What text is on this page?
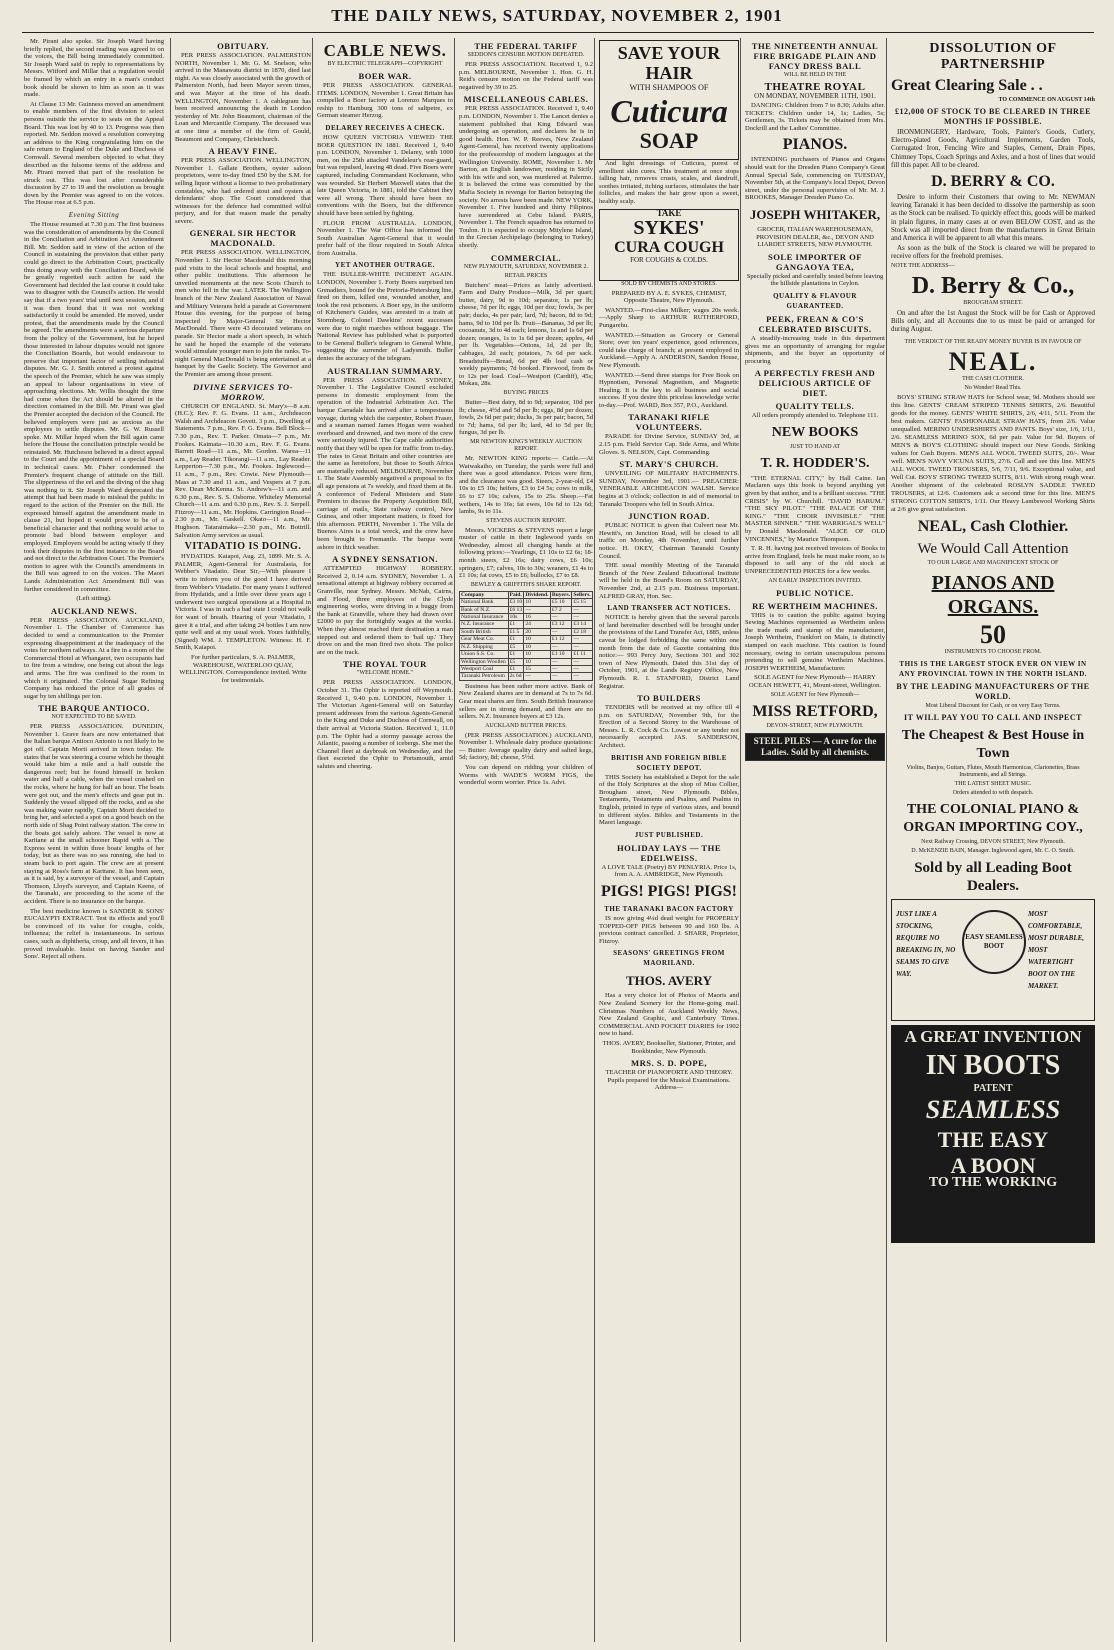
THE DAILY NEWS, SATURDAY, NOVEMBER 2, 1901

Mr. Pirani also spoke. Sir Joseph Ward having briefly replied, the second reading was agreed to on the voices, the Bill being immediately committed. Sir Joseph Ward said in reply to representations by Messrs. Witford and Millar that a regulation would be framed by which an entry in a man's conduct book should be shown to him as soon as it was made.

At Clause 13 Mr. Guinness moved an amendment to enable members of the first division to select persons outside the service to seats on the Appeal Board. This was lost by 40 to 13. Progress was then reported. Mr. Seddon moved a resolution conveying an address to the King congratulating him on the safe return to England of the Duke and Duchess of Cornwall. Several members objected to what they described as the fulsome terms of the address and Mr. Pirani moved that part of the resolution be struck out. This was lost after considerable discussion by 27 to 19 and the resolution as brought down by the Premier was agreed to on the voices. The House rose at 6.5 p.m.

Evening Sitting

The House resumed at 7.30 p.m. The first business was the consideration of amendments by the Council in the Conciliation and Arbitration Act Amendment Bill. Mr. Seddon said in view of the action of the Council in sustaining the provision that either party could go direct to the Arbitration Court, practically thus doing away with the Conciliation Board, while he greatly regretted such action he said the Government had decided the last course it could take was to disagree with the Council's action. He would say that if a two years' trial until next session, and if it was then found that it was not working satisfactorily it could be amended. He moved, under protest, that the amendments made by the Council be agreed. The amendments were a serious departure from the policy of the Government, but he hoped those interested in labour disputes would not ignore the Conciliation Boards, but would endeavour to preserve that important factor of settling industrial disputes. Mr. G. J. Smith entered a protest against the speech of the Premier, which he saw was simply an appeal to labour organisations in view of approaching elections. Mr. Willis thought the time had come when the Act should be altered in the direction contained in the Bill. Mr. Pirani was glad the Premier accepted the decision of the Council. He believed employers were just as anxious as the employees to settle disputes. Mr. G. W. Russell spoke. Mr. Millar hoped when the Bill again came before the House the conciliation principle would be reinstated. Mr. Hutcheson believed in a direct appeal to the Court and the appointment of a special Board in technical cases. Mr. Fisher condemned the Premier's frequent change of attitude on the Bill. The slipperiness of the eel and the diving of the shag was nothing to it. Sir Joseph Ward deprecated the attempt that had been made to mislead the public in regard to the action of the Premier on the Bill. He expressed himself against the amendment made in clause 21, but hoped it would prove to be of a beneficial character and that nothing would arise to promote bad blood between employer and employed. Employers would be acting wisely if they took their disputes in the first instance to the Board and not direct to the Arbitration Court. The Premier's motion to agree with the Council's amendments in the Bill was agreed to on the voices. The Maori Lands Administration Act Amendment Bill was further considered in committee.

(Left sitting).

AUCKLAND NEWS.

PER PRESS ASSOCIATION. AUCKLAND, November 1. The Chamber of Commerce has decided to send a communication to the Premier expressing disappointment at the inadequacy of the votes for northern railways. At a fire in a room of the Commercial Hotel at Whangarei, two occupants had to fire from a window, one being cut about the legs and arms. The fire was confined to the room in which it originated. The Colonial Sugar Refining Company has reduced the price of all grades of sugar by ten shillings per ton.

THE BARQUE ANTIOCO.
NOT EXPECTED TO BE SAVED.

PER PRESS ASSOCIATION. DUNEDIN, November 1. Grave fears are now entertained that the Italian barque Antioco Antonio is not likely to be got off. Captain Morti arrived in town today. He states that he was steering a course which he thought would take him a mile and a half outside the dangerous reef; but he found himself in broken water and half a cable, when the vessel crashed on the rocks, where he hung for half an hour. The boats were got out, and the men's effects and gear put in. Suddenly the vessel slipped off the rocks, and as she was making water rapidly, Captain Morti decided to bring her, and selected a spot on a good beach on the north side of Shag Point railway station. The crew in the boats got safely ashore. The vessel is now at Karitane at the small schooner Rapid with a. The Express went in within three boats' lengths of her today, but as there was no sea running, she had to steam back to port again. The crew are at present staying at Ross's farm at Karitane. It has been seen, as it is said, by a surveyor of the vessel, and Captain Thomson, Lloyd's surveyor, and Captain Keene, of the Taranaki, are proceeding to the scene of the accident. There is no insurance on the barque.

The best medicine known is SANDER & SONS' EUCALYPTI EXTRACT. Test its effects and you'll be convinced of its value for coughs, colds, influenza; the relief is instantaneous. In serious cases, such as diphtheria, croup, and all fevers, it has proved invaluable. Insist on having Sander and Sons'. Reject all others.

OBITUARY.

PER PRESS ASSOCIATION. PALMERSTON NORTH, November 1. Mr. G. M. Snelson, who arrived in the Manawatu district in 1870, died last night. As was closely associated with the growth of Palmerston North, had been Mayor seven times, and was Mayor at the time of his death. WELLINGTON, November 1. A cablegram has been received announcing the death in London yesterday of Mr. John Beaumont, chairman of the Loan and Mercantile Company. The deceased was at one time a member of the firm of Gould, Beaumont and Company, Christchurch.

A HEAVY FINE.

PER PRESS ASSOCIATION. WELLINGTON, November 1. Gallate Brothers, oyster saloon proprietors, were to-day fined £50 by the S.M. for selling liquor without a license to two probationary constables, who had ordered stout and oysters at defendants' shop. The Court considered that witnesses for the defence had committed wilful perjury, and for that reason made the penalty severe.

GENERAL SIR HECTOR MACDONALD.

PER PRESS ASSOCIATION. WELLINGTON, November 1. Sir Hector Macdonald this morning paid visits to the local schools and hospital, and other public institutions. This afternoon he unveiled monuments at the new Scots Church to men who fell in the war. LATER. The Wellington branch of the New Zealand Association of Naval and Military Veterans held a parade at Government House this evening, for the purpose of being inspected by Major-General Sir Hector MacDonald. There were 43 decorated veterans on parade. Sir Hector made a short speech, in which he said he hoped the example of the veterans would stimulate younger men to join the ranks. To-night General MacDonald is being entertained at a banquet by the Gaelic Society. The Governor and the Premier are among those present.

DIVINE SERVICES TO-MORROW.

CHURCH OF ENGLAND. St. Mary's—8 a.m. (H.C.); Rev. F. G. Evans. 11 a.m., Archdeacon Walsh and Archdeacon Govett. 3 p.m., Dwelling of Statements. 7 p.m., Rev. F. G. Evans. Bell Block—7.30 p.m., Rev. T. Parker. Omata—7 p.m., Mr. Fookes. Kaimata—10.30 a.m., Rev. F. G. Evans. Barrett Road—11 a.m., Mr. Gordon. Warea—11 a.m., Lay Reader. Tikorangi—11 a.m., Lay Reader. Lepperton—7.30 p.m., Mr. Fookes. Inglewood—11 a.m., 7 p.m., Rev. Cowie. New Plymouth—Mass at 7.30 and 11 a.m., and Vespers at 7 p.m. Rev. Dean McKenna. St. Andrew's—11 a.m. and 6.30 p.m., Rev. S. S. Osborne. Whiteley Memorial Church—11 a.m. and 6.30 p.m., Rev. S. J. Serpell. Fitzroy—11 a.m., Mr. Hopkins. Carrington Road—2.30 p.m., Mr. Gaskell. Okato—11 a.m., Mr. Hughson. Tataraimaka—2.30 p.m., Mr. Bottrill. Salvation Army services as usual.

VITADATIO IS DOING.

HYDATIDS. Kaiapoi, Aug. 23, 1899. Mr. S. A. PALMER, Agent-General for Australasia, for Webber's Vitadatio. Dear Sir,—With pleasure I write to inform you of the good I have derived from Webber's Vitadatio. For many years I suffered from Hydatids, and a little over three years ago I underwent two surgical operations at a Hospital in Victoria. I was in such a bad state I could not walk for want of breath. Hearing of your Vitadatio, I gave it a trial, and after taking 24 bottles I am now quite well and at my usual work. Yours faithfully, (Signed) WM. J. TEMPLETON. Witness: H. F. Smith, Kaiapoi.

For further particulars, S. A. PALMER, WAREHOUSE, WATERLOO QUAY, WELLINGTON. Correspondence invited. Write for testimonials.

CABLE NEWS.
BY ELECTRIC TELEGRAPH—COPYRIGHT
BOER WAR.

PER PRESS ASSOCIATION. GENERAL ITEMS. LONDON, November 1. Great Britain has compelled a Boer factory at Lorenzo Marques to reship to Hamburg 300 tons of saltpetre, ex German steamer Herzog.

DELAREY RECEIVES A CHECK.

HOW QUEEN VICTORIA VIEWED THE BOER QUESTION IN 1881. Received 1, 9.40 p.m. LONDON, November 1. Delarey, with 1000 men, on the 25th attacked Vandeleur's rear-guard, but was repulsed, leaving 48 dead. Five Boers were captured, including Commandant Kockmann, who was wounded. Sir Herbert Maxwell states that the late Queen Victoria, in 1881, told the Cabinet they were all wrong. There should have been no conventions with the Boers, but the difference should have been settled by fighting.

FLOUR FROM AUSTRALIA. LONDON, November 1. The War Office has informed the South Australian Agent-General that it would prefer half of the flour required in South Africa from Australia.

YET ANOTHER OUTRAGE.

THE BULLER-WHITE INCIDENT AGAIN. LONDON, November 1. Forty Boers surprised ten Grenadiers, bound for the Pretoria-Pietersburg line, fired on them, killed one, wounded another, and took the rest prisoners. A Boer spy, in the uniform of Kitchener's Guides, was arrested in a train at Stormberg. Colonel Dawkins' recent successes were due to night marches without baggage. The National Review has published what is purported to be General Buller's telegram to General White, suggesting the surrender of Ladysmith. Buller denies the accuracy of the telegram.

AUSTRALIAN SUMMARY.

PER PRESS ASSOCIATION. SYDNEY, November 1. The Legislative Council excluded persons in domestic employment from the operation of the Industrial Arbitration Act. The barque Carradale has arrived after a tempestuous voyage, during which the carpenter, Robert Fraser, and a seaman named James Hogan were washed overboard and drowned, and two more of the crew were seriously injured. The Cape cable authorities notify that they will be open for traffic from to-day. The rates to Great Britain and other countries are the same as heretofore, but those to South Africa are materially reduced. MELBOURNE, November 1. The State Assembly negatived a proposal to fix all age pensions at 7s weekly, and fixed them at 8s. A conference of Federal Ministers and State Premiers to discuss the Property Acquisition Bill, carriage of mails, State railway control, New Guinea, and other important matters, is fixed for this afternoon. PERTH, November 1. The Villa de Buenos Aires is a total wreck, and the crew have been brought to Fremantle. The barque went ashore in thick weather.

A SYDNEY SENSATION.

ATTEMPTED HIGHWAY ROBBERY. Received 2, 0.14 a.m. SYDNEY, November 1. A sensational attempt at highway robbery occurred at Granville, near Sydney. Messrs. McNab, Cairns, and Flood, three employees of the Clyde engineering works, were driving in a buggy from the bank at Granville, where they had drawn over £2000 to pay the fortnightly wages at the works. When they almost reached their destination a man stepped out and ordered them to 'bail up.' They drove on and the man fired two shots. The police are on the track.

THE ROYAL TOUR
"WELCOME HOME."

PER PRESS ASSOCIATION. LONDON, October 31. The Ophir is reported off Weymouth. Received 1, 9.40 p.m. LONDON, November 1. The Victorian Agent-General will on Saturday present addresses from the various Agents-General to the King and Duke and Duchess of Cornwall, on their arrival at Victoria Station. Received 1, 11.0 p.m. The Ophir had a stormy passage across the Atlantic, passing a number of icebergs. She met the Channel fleet at daybreak on Wednesday, and the fleet escorted the Ophir to Portsmouth, amid salutes and cheering.

THE FEDERAL TARIFF
SEDDON'S CENSURE MOTION DEFEATED.

PER PRESS ASSOCIATION. Received 1, 9.2 p.m. MELBOURNE, November 1. Hon. G. H. Reid's censure motion on the Federal tariff was negatived by 39 to 25.

MISCELLANEOUS CABLES.

PER PRESS ASSOCIATION. Received 1, 9.40 p.m. LONDON, November 1. The Lancet denies a statement published that King Edward was undergoing an operation, and declares he is in good health. Hon. W. P. Reeves, New Zealand Agent-General, has received twenty applications for the professorship of modern languages at the Wellington University. ROME, November 1. Mr Barton, an English landowner, residing in Sicily with his wife and son, was murdered at Palermo. It is believed the crime was committed by the Mafia Society in revenge for Barton betraying the society. No arrests have been made. NEW YORK, November 1. Five hundred and thirty Filipinos have surrendered at Cebu Island. PARIS, November 1. The French squadron has returned to Toulon. It is expected to occupy Mitylene Island, in the Grecian Archipelago (belonging to Turkey) shortly.

COMMERCIAL.
NEW PLYMOUTH, SATURDAY, NOVEMBER 2.
RETAIL PRICES

Butchers' meat—Prices as lately advertised. Farm and Dairy Produce—Milk, 3d per quart; butter, dairy, 9d to 10d; separator, 1s per lb; cheese, 7d per lb; eggs, 10d per doz; fowls, 3s per pair; ducks, 4s per pair; lard, 7d; bacon, 8d to 9d; hams, 9d to 10d per lb. Fruit—Bananas, 3d per lb; cocoanuts, 3d to 4d each; lemons, 1s and 1s 6d per dozen; oranges, 1s to 1s 6d per dozen; apples, 4d per lb. Vegetables—Onions, 1d, 2d per lb; cabbages, 2d each; potatoes, 7s 6d per sack. Breadstuffs—Bread, 6d per 4lb loaf cash or weekly payments; 7d booked. Firewood, from 8s to 12s per load. Coal—Westport (Cardiff), 45s; Mokau, 28s.

BUYING PRICES

Butter—Best dairy, 8d to 9d; separator, 10d per lb; cheese, 4½d and 5d per lb; eggs, 8d per dozen; fowls, 2s 6d per pair; ducks, 3s per pair; bacon, 5d to 7d; hams, 6d per lb; lard, 4d to 5d per lb; fungus, 3d per lb.

MR NEWTON KING'S WEEKLY AUCTION REPORT.

Mr. NEWTON KING reports:— Cattle.—At Waiwakaiho, on Tuesday, the yards were full and there was a good attendance. Prices were firm, and the clearance was good. Steers, 2-year-old, £4 10s to £5 10s; heifers, £3 to £4 5s; cows in milk, £6 to £7 10s; calves, 15s to 25s. Sheep.—Fat wethers, 14s to 16s; fat ewes, 10s 6d to 12s 6d; lambs, 9s to 11s.

STEVENS AUCTION REPORT.

Messrs. VICKERS & STEVENS report a large muster of cattle in their Inglewood yards on Wednesday, almost all changing hands at the following prices:—Yearlings, £1 10s to £2 6s; 18-month steers, £2 16s; dairy cows, £6 10s; springers, £7; calves, 10s to 30s; weaners, £1 4s to £1 10s; fat cows, £5 to £6; bullocks, £7 to £8.

BEWLEY & GRIFFITH'S SHARE REPORT.
Company	Paid.	Dividend.	Buyers.	Sellers.
National Bank	£3 10	10	£5 10	£5 15
Bank of N.Z.	£6 13	—	£7 2	—
National Insurance	10s	16	—	—
N.Z. Insurance	£1	24	£3 12	£3 14
South British	£1 5	20	—	£2 18
Gear Meat Co.	£1	10	£1 12	—
N.Z. Shipping	£5	10	—	—
Union S.S. Co.	£1	10	£1 10	£1 11
Wellington Woollen	£5	10	—	—
Westport Coal	£1	15	—	—
Taranaki Petroleum	2s 6d	—	—	—

Business has been rather more active. Bank of New Zealand shares are in demand at 7s to 7s 6d. Gear meat shares are firm. South British Insurance sellers are in strong demand, and there are no sellers. N.Z. Insurance buyers at £3 12s.

AUCKLAND BUTTER PRICES.

(PER PRESS ASSOCIATION.) AUCKLAND, November 1. Wholesale dairy produce quotations:— Butter: Average quality dairy and salted kegs, 5d; factory, 8d; cheese, 5½d.

You can depend on ridding your children of Worms with WADE'S WORM FIGS, the wonderful worm worrier. Price 1s. Advt.

SAVE YOUR HAIR
WITH SHAMPOOS OF
Cuticura
SOAP

And light dressings of Cuticura, purest of emollient skin cures. This treatment at once stops falling hair, removes crusts, scales, and dandruff, soothes irritated, itching surfaces, stimulates the hair follicles, and makes the hair grow upon a sweet, healthy scalp.

TAKE
SYKES'
CURA COUGH
FOR COUGHS & COLDS.
SOLD BY CHEMISTS AND STORES.

PREPARED BY A. E. SYKES, CHEMIST, Opposite Theatre, New Plymouth.

WANTED.—First-class Milker; wages 20s week.—Apply Sharp to ARTHUR RUTHERFORD, Pungarehu.

WANTED.—Situation as Grocery or General Store; over ten years' experience, good references, could take charge of branch; at present employed in Auckland.—Apply A. ANDERSON, Sandon House, New Plymouth.

WANTED.—Send three stamps for Free Book on Hypnotism, Personal Magnetism, and Magnetic Healing. It is the key to all business and social success. If you desire this priceless knowledge write to-day.—Prof. WARD, Box 357, P.O., Auckland.

TARANAKI RIFLE VOLUNTEERS.

PARADE for Divine Service, SUNDAY 3rd, at 2.15 p.m. Field Service Cap. Side Arms, and White Gloves. S. NELSON, Capt. Commanding.

ST. MARY'S CHURCH.

UNVEILING OF MILITARY HATCHMENTS. SUNDAY, November 3rd, 1901.— PREACHER: VENERABLE ARCHDEACON WALSH. Service begins at 3 o'clock; collection in aid of memorial to Taranaki Troopers who fell in South Africa.

JUNCTION ROAD.

PUBLIC NOTICE is given that Culvert near Mr. Hewitt's, on Junction Road, will be closed to all traffic on Monday, 4th November, until further notice. H. OKEY, Chairman Taranaki County Council.

THE usual monthly Meeting of the Taranaki Branch of the New Zealand Educational Institute will be held in the Board's Room on SATURDAY, November 2nd, at 2.15 p.m. Business important. ALFRED GRAY, Hon. Sec.

LAND TRANSFER ACT NOTICES.

NOTICE is hereby given that the several parcels of land hereinafter described will be brought under the provisions of the Land Transfer Act, 1885, unless caveat be lodged forbidding the same within one month from the date of Gazette containing this notice:— 993 Percy Jury, Sections 301 and 302 town of New Plymouth. Dated this 31st day of October, 1901, at the Lands Registry Office, New Plymouth. R. I. STANFORD, District Land Registrar.

TO BUILDERS

TENDERS will be received at my office till 4 p.m. on SATURDAY, November 9th, for the Erection of a Second Storey to the Warehouse of Messrs. L. R. Cock & Co. Lowest or any tender not necessarily accepted. JAS. SANDERSON, Architect.

BRITISH AND FOREIGN BIBLE SOCIETY DEPOT.

THIS Society has established a Depot for the sale of the Holy Scriptures at the shop of Miss Collier, Brougham street, New Plymouth. Bibles, Testaments, Testaments and Psalms, and Psalms in English, printed in type of various sizes, and bound in different styles. Bibles and Testaments in the Maori language.

JUST PUBLISHED.
HOLIDAY LAYS — THE EDELWEISS.

A LOVE TALE (Poetry) BY PENLYRIA. Price 1s, from A. A. AMBRIDGE, New Plymouth.

PIGS! PIGS! PIGS!
THE TARANAKI BACON FACTORY

IS now giving 4¼d dead weight for PROPERLY TOPPED-OFF PIGS between 90 and 160 lbs. A previous contract cancelled. J. SHARR, Proprietor, Fitzroy.

SEASONS' GREETINGS FROM MAORILAND.
THOS. AVERY

Has a very choice lot of Photos of Maoris and New Zealand Scenery for the Home-going mail. Christmas Numbers of Auckland Weekly News, New Zealand Graphic, and Canterbury Times. COMMERCIAL AND POCKET DIARIES for 1902 now to hand.

THOS. AVERY, Bookseller, Stationer, Printer, and Bookbinder, New Plymouth.

MRS. S. D. POPE,

TEACHER OF PIANOFORTE AND THEORY. Pupils prepared for the Musical Examinations. Address—

THE NINETEENTH ANNUAL FIRE BRIGADE PLAIN AND FANCY DRESS BALL
WILL BE HELD IN THE
THEATRE ROYAL
ON MONDAY, NOVEMBER 11TH, 1901.

DANCING: Children from 7 to 8.30; Adults after. TICKETS: Children under 14, 1s; Ladies, 5s; Gentlemen, 3s. Tickets may be obtained from Mrs. Dockrill and the Ladies' Committee.

PIANOS.

INTENDING purchasers of Pianos and Organs should wait for the Dresden Piano Company's Great Annual Special Sale, commencing on TUESDAY, November 5th, at the Company's local Depot, Devon street, under the personal supervision of Mr. M. J. BROOKES, Manager Dresden Piano Co.

JOSEPH WHITAKER,

GROCER, ITALIAN WAREHOUSEMAN, PROVISION DEALER, &c., DEVON AND LIARDET STREETS, NEW PLYMOUTH.

SOLE IMPORTER OF GANGAOYA TEA,

Specially picked and carefully tested before leaving the hillside plantations in Ceylon.

QUALITY & FLAVOUR GUARANTEED.
PEEK, FREAN & CO'S CELEBRATED BISCUITS.

A steadily-increasing trade in this department gives me an opportunity of arranging for regular shipments, and the buyer an opportunity of procuring

A PERFECTLY FRESH AND DELICIOUS ARTICLE OF DIET.
QUALITY TELLS.

All orders promptly attended to. Telephone 111.

NEW BOOKS
JUST TO HAND AT
T. R. HODDER'S.

"THE ETERNAL CITY," by Hall Caine. Ian Maclaren says this book is beyond anything yet given by that author, and is a brilliant success. "THE CRISIS" by W. Churchill. "DAVID HARUM." "THE SKY PILOT." "THE PALACE OF THE KING." "THE CHOIR INVISIBLE." "THE MASTER SINNER." "THE WARRIGAL'S WELL" by Donald Macdonald. "ALICE OF OLD VINCENNES," by Maurice Thompson.

T. R. H. having just received invoices of Books to arrive from England, feels he must make room, so is disposed to sell any of the old stock at UNPRECEDENTED PRICES for a few weeks.

AN EARLY INSPECTION INVITED.
PUBLIC NOTICE.
RE WERTHEIM MACHINES.

THIS is to caution the public against buying Sewing Machines represented as Wertheim unless the trade mark and stamp of the manufacturer, Joseph Wertheim, Frankfort on Main, is distinctly stamped on each machine. This caution is found necessary, owing to certain unscrupulous persons pretending to sell genuine Wertheim Machines. JOSEPH WERTHEIM, Manufacturer.

SOLE AGENT for New Plymouth— HARRY OCEAN HEWETT, 41, Mount-street, Wellington.

SOLE AGENT for New Plymouth—
MISS RETFORD,
DEVON-STREET, NEW PLYMOUTH.
STEEL PILES — A cure for the Ladies. Sold by all chemists.
DISSOLUTION OF PARTNERSHIP
Great Clearing Sale . .
TO COMMENCE ON AUGUST 14th
£12,000 OF STOCK TO BE CLEARED IN THREE MONTHS IF POSSIBLE.

IRONMONGERY, Hardware, Tools, Painter's Goods, Cutlery, Electro-plated Goods, Agricultural Implements, Garden Tools, Corrugated Iron, Fencing Wire and Staples, Cement, Drain Pipes, Chimney Tops, Coach Springs and Axles, and a host of lines that would fill this paper. All to be cleared.

D. BERRY & CO.

Desire to inform their Customers that owing to Mr. NEWMAN leaving Taranaki it has been decided to dissolve the partnership as soon as the Stock can be realised. To quickly effect this, goods will be marked in plain figures, in many cases at or even BELOW COST, and as the Stock was all imported direct from the manufacturers in Great Britain and America it will be apparent to all what this means.

As soon as the bulk of the Stock is cleared we will be prepared to receive offers for the freehold premises.

NOTE THE ADDRESS—
D. Berry & Co.,
BROUGHAM STREET.

On and after the 1st August the Stock will be for Cash or Approved Bills only, and all Accounts due to us must be paid or arranged for during August.

THE VERDICT OF THE READY MONEY BUYER IS IN FAVOUR OF
NEAL.
THE CASH CLOTHIER.
No Wonder! Read This.

BOYS' STRING STRAW HATS for School wear, 9d. Mothers should see this line. GENTS' CREAM STRIPED TENNIS SHIRTS, 2/6. Beautiful goods for the money. GENTS' WHITE SHIRTS, 2/6, 4/11, 5/11. From the best makers. GENTS' FASHIONABLE STRAW HATS, from 2/6. Value unequalled. MERINO UNDERSHIRTS AND PANTS. Boys' size, 1/6, 1/11, 2/6. SEAMLESS MERINO SOX, 6d per pair. Value for 9d. Buyers of MEN'S & BOY'S CLOTHING should inspect our New Goods. Striking values for Cash Buyers. MEN'S ALL WOOL TWEED SUITS, 20/-. Wear well. MEN'S NAVY VICUNA SUITS, 27/6. Call and see this line. MEN'S ALL WOOL TWEED TROUSERS, 5/6, 7/11, 9/6. Exceptional value, and Well Cut. BOYS' STRONG TWEED SUITS, 8/11. With strong rough wear. Another shipment of the celebrated ROSLYN SADDLE TWEED TROUSERS, at 12/6. Customers ask a second time for this line. MEN'S STRONG COTTON SHIRTS, 1/11. Our Heavy Lambswool Working Shirts at 2/6 give great satisfaction.

NEAL, Cash Clothier.
We Would Call Attention
TO OUR LARGE AND MAGNIFICENT STOCK OF
PIANOS AND ORGANS.
50
INSTRUMENTS TO CHOOSE FROM.
THIS IS THE LARGEST STOCK EVER ON VIEW IN ANY PROVINCIAL TOWN IN THE NORTH ISLAND.
BY THE LEADING MANUFACTURERS OF THE WORLD.
Most Liberal Discount for Cash, or on very Easy Terms.
IT WILL PAY YOU TO CALL AND INSPECT
The Cheapest & Best House in Town
Violins, Banjos, Guitars, Flutes, Mouth Harmonicas, Clarionettes, Brass Instruments, and all Strings.
THE LATEST SHEET MUSIC.
Orders attended to with despatch.
THE COLONIAL PIANO & ORGAN IMPORTING COY.,
Next Railway Crossing, DEVON STREET, New Plymouth.
D. McKENZIE BAIN, Manager. Inglewood agent, Mr. C. O. Smith.
Sold by all Leading Boot Dealers.
JUST LIKE A STOCKING, REQUIRE NO BREAKING IN, NO SEAMS TO GIVE WAY.
EASY SEAMLESS BOOT
MOST COMFORTABLE, MOST DURABLE, MOST WATERTIGHT BOOT ON THE MARKET.
A GREAT INVENTION
IN BOOTS
PATENT
SEAMLESS
THE EASY
A BOON
TO THE WORKING
